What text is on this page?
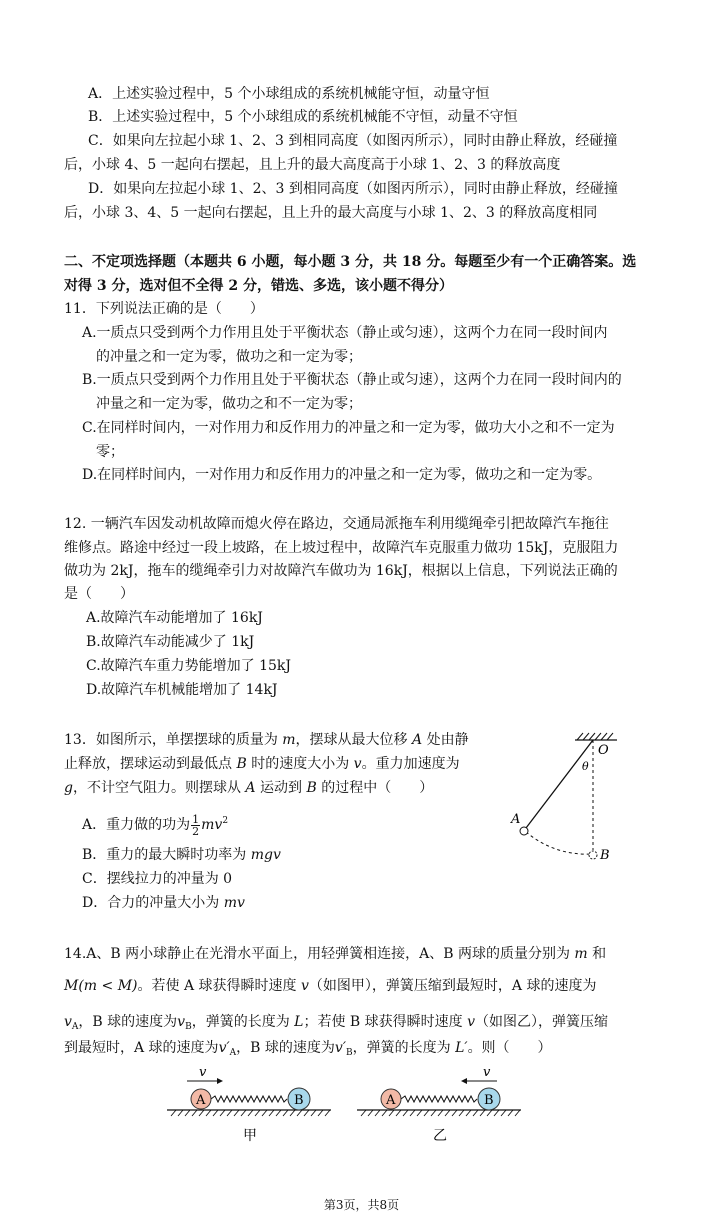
A．上述实验过程中，5 个小球组成的系统机械能守恒，动量守恒
B．上述实验过程中，5 个小球组成的系统机械能不守恒，动量不守恒
C．如果向左拉起小球 1、2、3 到相同高度（如图丙所示），同时由静止释放，经碰撞
后，小球 4、5 一起向右摆起，且上升的最大高度高于小球 1、2、3 的释放高度
D．如果向左拉起小球 1、2、3 到相同高度（如图丙所示），同时由静止释放，经碰撞
后，小球 3、4、5 一起向右摆起，且上升的最大高度与小球 1、2、3 的释放高度相同
二、不定项选择题（本题共 6 小题，每小题 3 分，共 18 分。每题至少有一个正确答案。选
对得 3 分，选对但不全得 2 分，错选、多选，该小题不得分）
11．下列说法正确的是（　　）
A.一质点只受到两个力作用且处于平衡状态（静止或匀速），这两个力在同一段时间内
的冲量之和一定为零，做功之和一定为零；
B.一质点只受到两个力作用且处于平衡状态（静止或匀速），这两个力在同一段时间内的
冲量之和一定为零，做功之和不一定为零；
C.在同样时间内，一对作用力和反作用力的冲量之和一定为零，做功大小之和不一定为
零；
D.在同样时间内，一对作用力和反作用力的冲量之和一定为零，做功之和一定为零。
12. 一辆汽车因发动机故障而熄火停在路边，交通局派拖车利用缆绳牵引把故障汽车拖往
维修点。路途中经过一段上坡路，在上坡过程中，故障汽车克服重力做功 15kJ，克服阻力
做功为 2kJ，拖车的缆绳牵引力对故障汽车做功为 16kJ，根据以上信息，下列说法正确的
是（　　）
A.故障汽车动能增加了 16kJ
B.故障汽车动能减少了 1kJ
C.故障汽车重力势能增加了 15kJ
D.故障汽车机械能增加了 14kJ
13．如图所示，单摆摆球的质量为 m，摆球从最大位移 A 处由静
止释放，摆球运动到最低点 B 时的速度大小为 v。重力加速度为
g，不计空气阻力。则摆球从 A 运动到 B 的过程中（　　）
A．重力做的功为 $\frac{1}{2} mv^2$
B．重力的最大瞬时功率为 mgv
C．摆线拉力的冲量为 0
D．合力的冲量大小为 mv
O
θ
A
B
14.A、B 两小球静止在光滑水平面上，用轻弹簧相连接，A、B 两球的质量分别为 m 和
M(m < M)。若使 A 球获得瞬时速度 v（如图甲），弹簧压缩到最短时，A 球的速度为
$v_A$，B 球的速度为$v_B$，弹簧的长度为 L；若使 B 球获得瞬时速度 v（如图乙），弹簧压缩
到最短时，A 球的速度为$v'_A$，B 球的速度为$v'_B$，弹簧的长度为 L′。则（　　）
v
A	B
甲
v
A	B
乙
第3页，共8页
